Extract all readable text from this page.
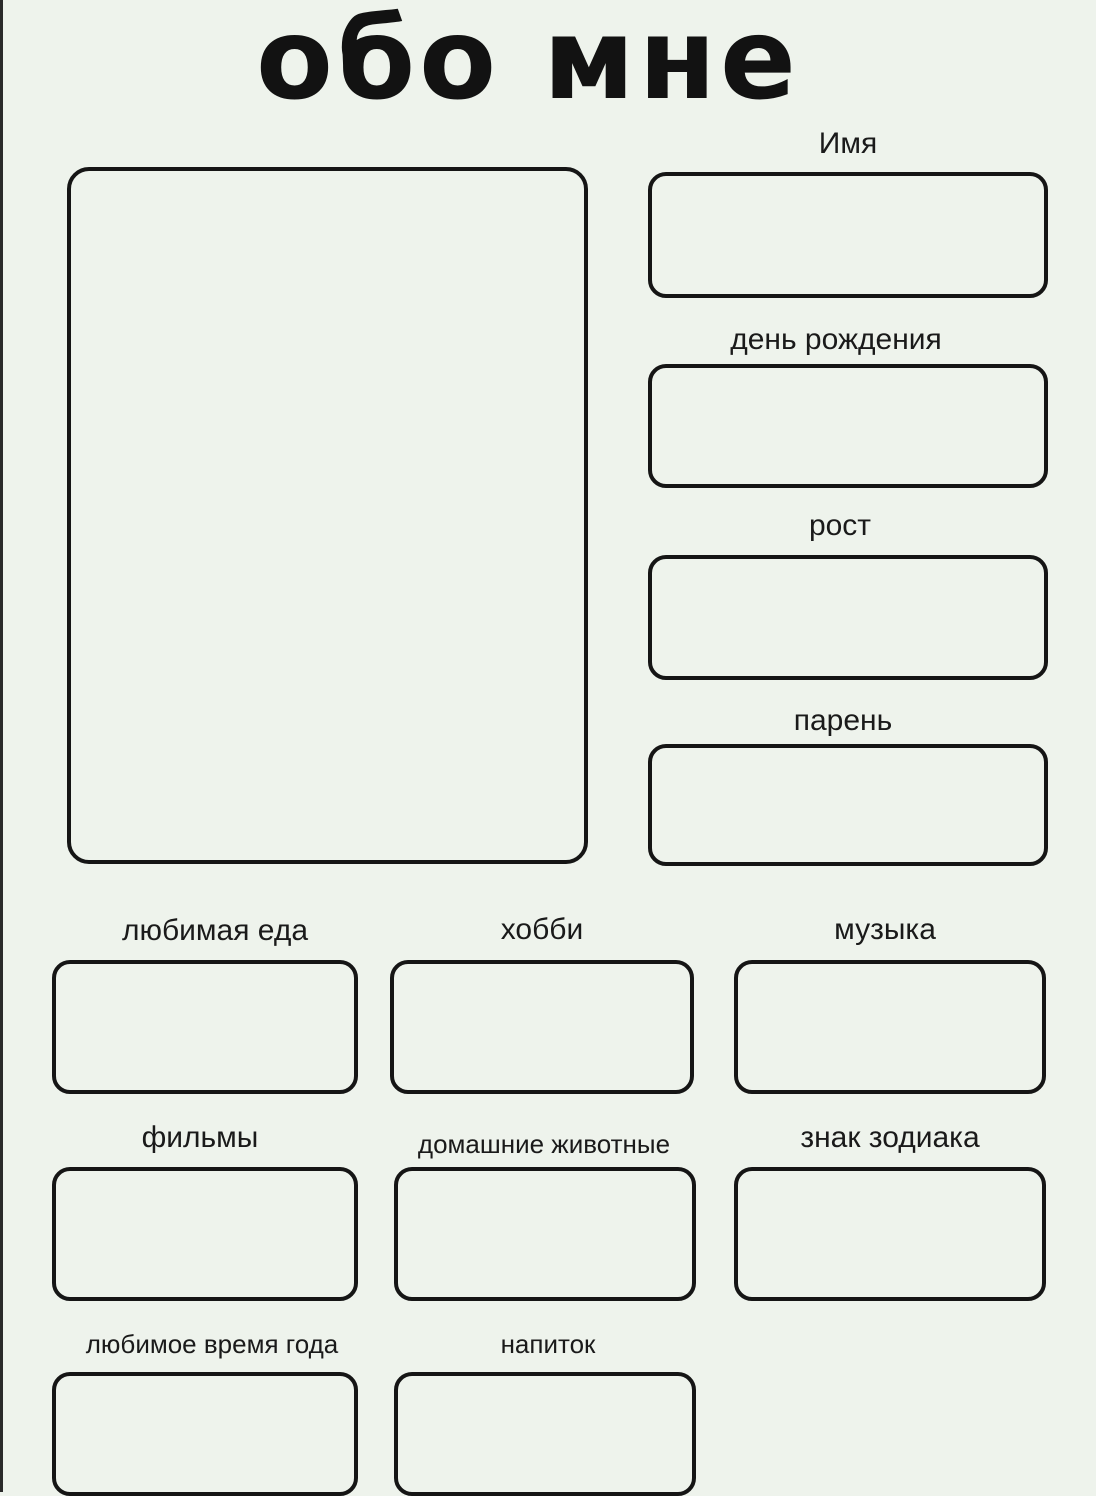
обо мне
Имя
день рождения
рост
парень
любимая еда	хобби	музыка
фильмы	домашние животные	знак зодиака
любимое время года	напиток
